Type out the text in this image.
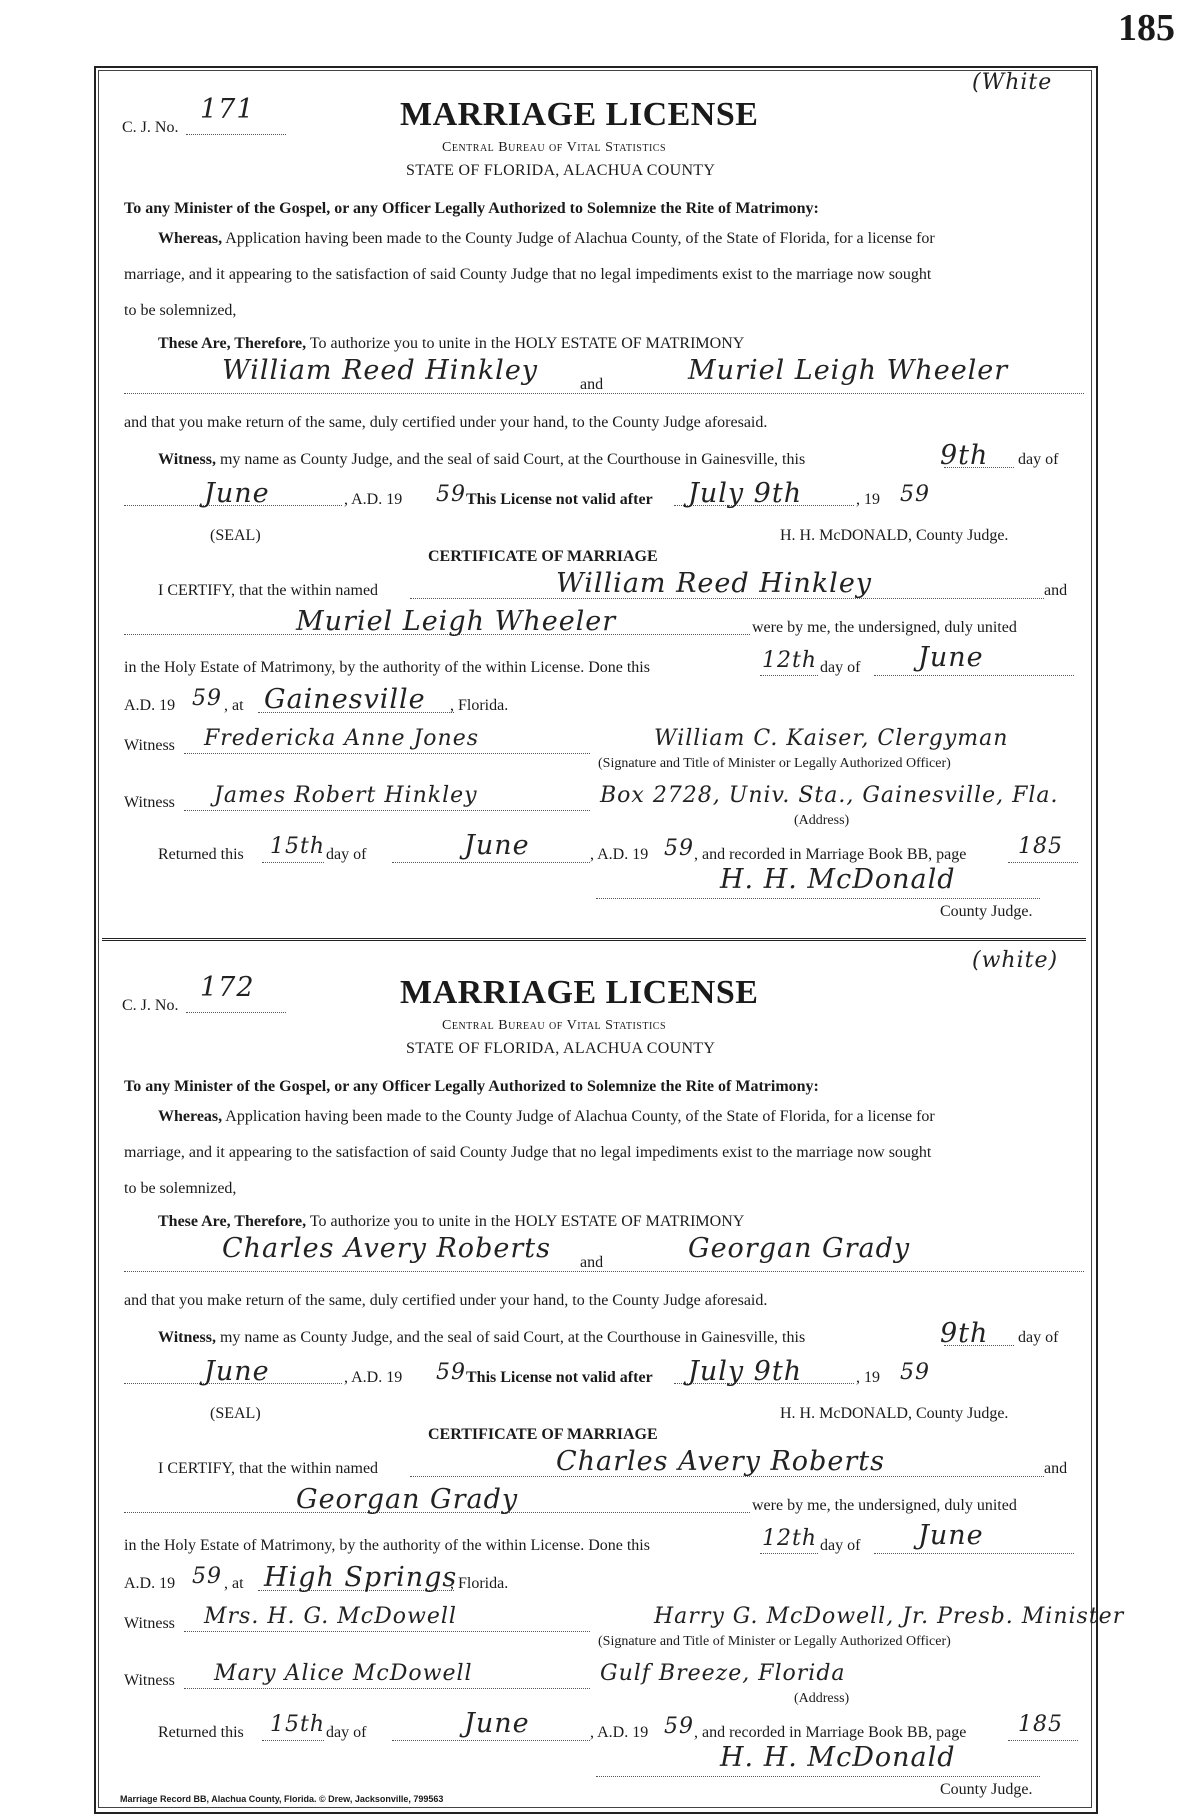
185
(White
C. J. No.
171	MARRIAGE LICENSE
Central Bureau of Vital Statistics
STATE OF FLORIDA, ALACHUA COUNTY
To any Minister of the Gospel, or any Officer Legally Authorized to Solemnize the Rite of Matrimony:
Whereas, Application having been made to the County Judge of Alachua County, of the State of Florida, for a license for
marriage, and it appearing to the satisfaction of said County Judge that no legal impediments exist to the marriage now sought
to be solemnized,
These Are, Therefore, To authorize you to unite in the HOLY ESTATE OF MATRIMONY
William Reed Hinkley	and	Muriel Leigh Wheeler
and that you make return of the same, duly certified under your hand, to the County Judge aforesaid.
Witness, my name as County Judge, and the seal of said Court, at the Courthouse in Gainesville, this	9th day of
June	, A.D. 19 59 This License not valid after July 9th	, 19 59
(SEAL)	H. H. McDONALD, County Judge.
CERTIFICATE OF MARRIAGE
I CERTIFY, that the within named	William Reed Hinkley	and
Muriel Leigh Wheeler	were by me, the undersigned, duly united
in the Holy Estate of Matrimony, by the authority of the within License. Done this	12th day of June
A.D. 19 59 , at Gainesville , Florida.
Witness Fredericka Anne Jones	William C. Kaiser, Clergyman
(Signature and Title of Minister or Legally Authorized Officer)
Witness James Robert Hinkley	Box 2728, Univ. Sta., Gainesville, Fla.
(Address)
Returned this 15th day of	June	, A.D. 19 59 , and recorded in Marriage Book BB, page 185
H. H. McDonald
County Judge.
(white)
C. J. No.
172	MARRIAGE LICENSE
Central Bureau of Vital Statistics
STATE OF FLORIDA, ALACHUA COUNTY
To any Minister of the Gospel, or any Officer Legally Authorized to Solemnize the Rite of Matrimony:
Whereas, Application having been made to the County Judge of Alachua County, of the State of Florida, for a license for
marriage, and it appearing to the satisfaction of said County Judge that no legal impediments exist to the marriage now sought
to be solemnized,
These Are, Therefore, To authorize you to unite in the HOLY ESTATE OF MATRIMONY
Charles Avery Roberts and	Georgan Grady
and that you make return of the same, duly certified under your hand, to the County Judge aforesaid.
Witness, my name as County Judge, and the seal of said Court, at the Courthouse in Gainesville, this	9th day of
June	, A.D. 19 59 This License not valid after July 9th	, 19 59
(SEAL)	H. H. McDONALD, County Judge.
CERTIFICATE OF MARRIAGE
I CERTIFY, that the within named	Charles Avery Roberts	and
Georgan Grady	were by me, the undersigned, duly united
in the Holy Estate of Matrimony, by the authority of the within License. Done this	12th day of June
A.D. 19 59 , at High Springs
, Florida.
Witness Mrs. H. G. McDowell	Harry G. McDowell, Jr. Presb. Minister
(Signature and Title of Minister or Legally Authorized Officer)
Witness Mary Alice McDowell	Gulf Breeze, Florida
(Address)
Returned this 15th day of	June	, A.D. 19 59 , and recorded in Marriage Book BB, page 185
H. H. McDonald
County Judge.
Marriage Record BB, Alachua County, Florida. © Drew, Jacksonville, 799563
